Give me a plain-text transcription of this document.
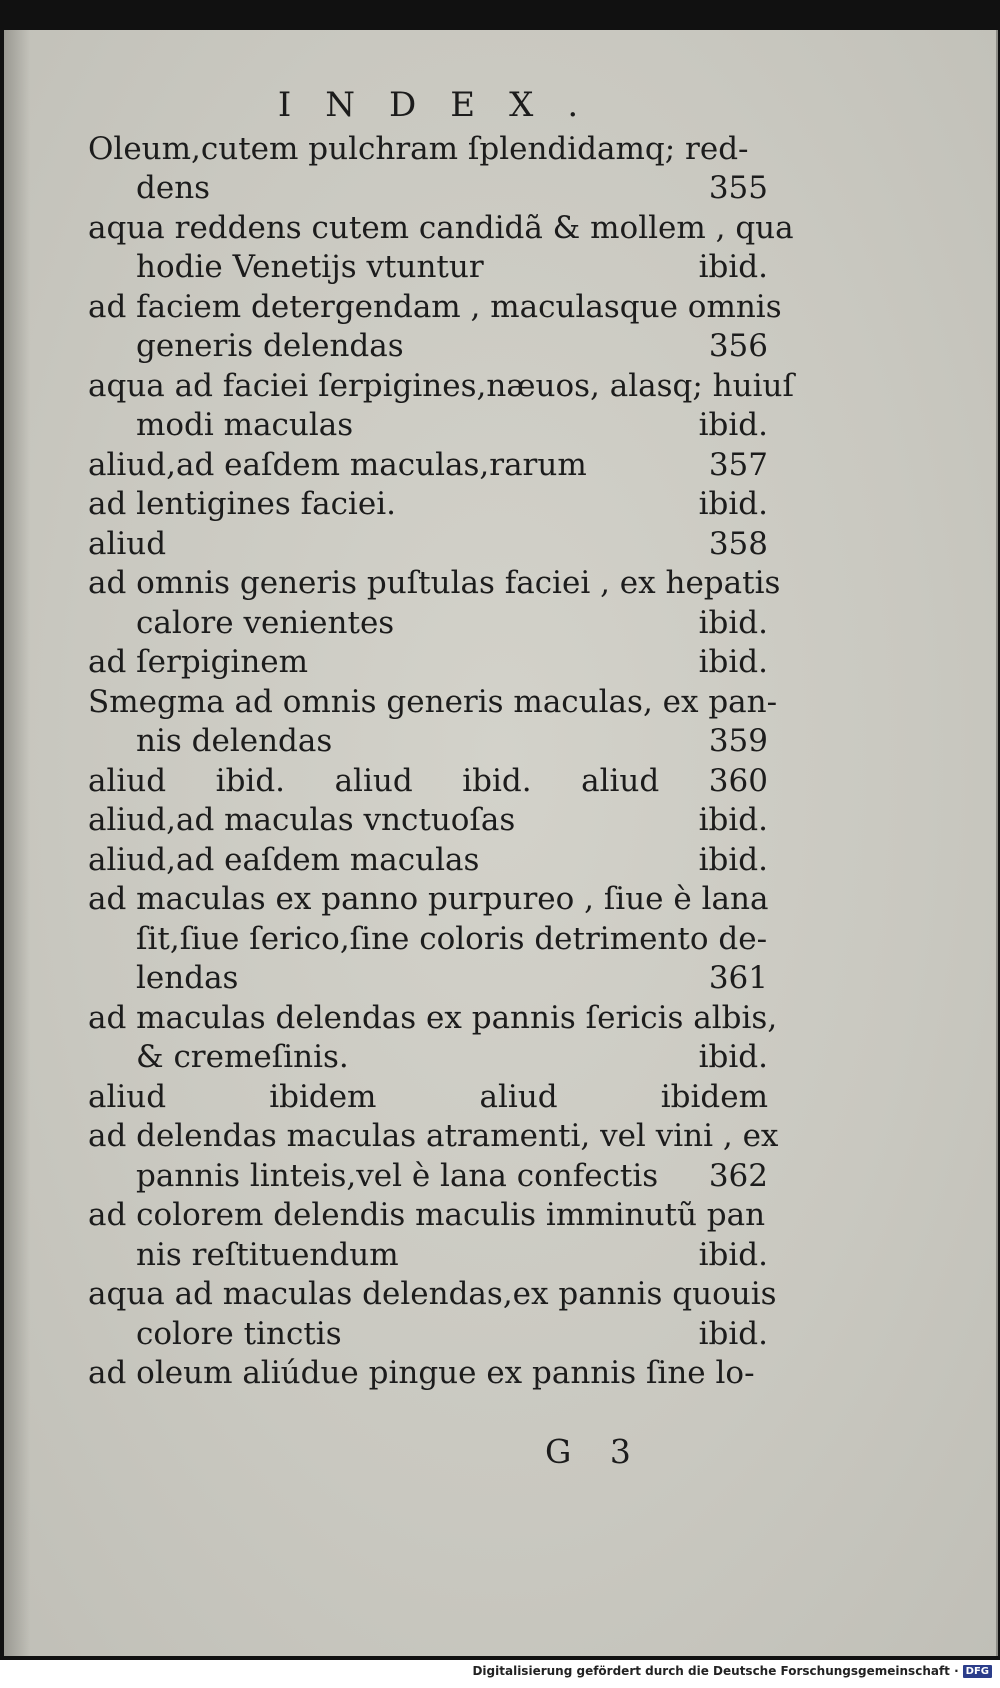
INDEX.
Oleum,cutem pulchram ſplendidamq; red-
dens	355
aqua reddens cutem candidã & mollem , qua
hodie Venetijs vtuntur	ibid.
ad faciem detergendam , maculasque omnis
generis delendas	356
aqua ad faciei ſerpigines,næuos, alasq; huiuſ
modi maculas	ibid.
aliud,ad eaſdem maculas,rarum	357
ad lentigines faciei.	ibid.
aliud	358
ad omnis generis puſtulas faciei , ex hepatis
calore venientes	ibid.
ad ſerpiginem	ibid.
Smegma ad omnis generis maculas, ex pan-
nis delendas	359
aliud ibid. aliud ibid. aliud 360
aliud,ad maculas vnctuoſas	ibid.
aliud,ad eaſdem maculas	ibid.
ad maculas ex panno purpureo , ſiue è lana
ſit,ſiue ſerico,ſine coloris detrimento de-
lendas	361
ad maculas delendas ex pannis ſericis albis,
& cremeſinis.	ibid.
aliud	ibidem	aliud	ibidem
ad delendas maculas atramenti, vel vini , ex
pannis linteis,vel è lana confectis 362
ad colorem delendis maculis imminutũ pan
nis reſtituendum	ibid.
aqua ad maculas delendas,ex pannis quouis
colore tinctis	ibid.
ad oleum aliúdue pingue ex pannis ſine lo-
G 3
Digitalisierung gefördert durch die Deutsche Forschungsgemeinschaft · DFG
